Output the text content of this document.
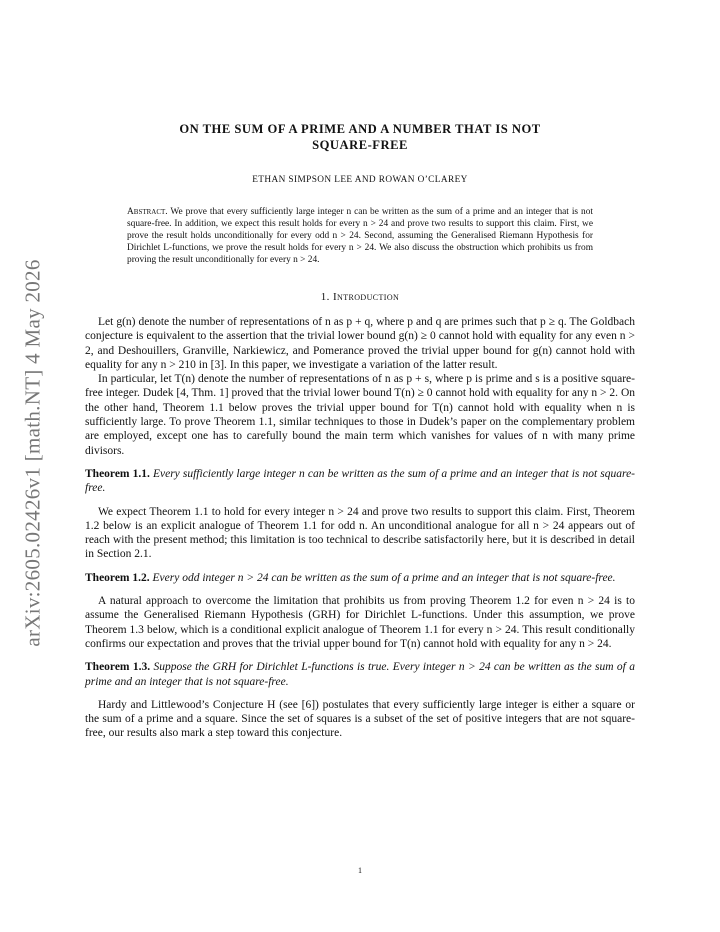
arXiv:2605.02426v1 [math.NT] 4 May 2026
ON THE SUM OF A PRIME AND A NUMBER THAT IS NOT
SQUARE-FREE
ETHAN SIMPSON LEE AND ROWAN O’CLAREY
Abstract. We prove that every sufficiently large integer n can be written as the sum of a prime and an integer that is not square-free. In addition, we expect this result holds for every n > 24 and prove two results to support this claim. First, we prove the result holds unconditionally for every odd n > 24. Second, assuming the Generalised Riemann Hypothesis for Dirichlet L-functions, we prove the result holds for every n > 24. We also discuss the obstruction which prohibits us from proving the result unconditionally for every n > 24.
1. Introduction

Let g(n) denote the number of representations of n as p + q, where p and q are primes such that p ≥ q. The Goldbach conjecture is equivalent to the assertion that the trivial lower bound g(n) ≥ 0 cannot hold with equality for any even n > 2, and Deshouillers, Granville, Narkiewicz, and Pomerance proved the trivial upper bound for g(n) cannot hold with equality for any n > 210 in [3]. In this paper, we investigate a variation of the latter result.

In particular, let T(n) denote the number of representations of n as p + s, where p is prime and s is a positive square-free integer. Dudek [4, Thm. 1] proved that the trivial lower bound T(n) ≥ 0 cannot hold with equality for any n > 2. On the other hand, Theorem 1.1 below proves the trivial upper bound for T(n) cannot hold with equality when n is sufficiently large. To prove Theorem 1.1, similar techniques to those in Dudek’s paper on the complementary problem are employed, except one has to carefully bound the main term which vanishes for values of n with many prime divisors.

Theorem 1.1. Every sufficiently large integer n can be written as the sum of a prime and an integer that is not square-free.

We expect Theorem 1.1 to hold for every integer n > 24 and prove two results to support this claim. First, Theorem 1.2 below is an explicit analogue of Theorem 1.1 for odd n. An unconditional analogue for all n > 24 appears out of reach with the present method; this limitation is too technical to describe satisfactorily here, but it is described in detail in Section 2.1.

Theorem 1.2. Every odd integer n > 24 can be written as the sum of a prime and an integer that is not square-free.

A natural approach to overcome the limitation that prohibits us from proving Theorem 1.2 for even n > 24 is to assume the Generalised Riemann Hypothesis (GRH) for Dirichlet L-functions. Under this assumption, we prove Theorem 1.3 below, which is a conditional explicit analogue of Theorem 1.1 for every n > 24. This result conditionally confirms our expectation and proves that the trivial upper bound for T(n) cannot hold with equality for any n > 24.

Theorem 1.3. Suppose the GRH for Dirichlet L-functions is true. Every integer n > 24 can be written as the sum of a prime and an integer that is not square-free.

Hardy and Littlewood’s Conjecture H (see [6]) postulates that every sufficiently large integer is either a square or the sum of a prime and a square. Since the set of squares is a subset of the set of positive integers that are not square-free, our results also mark a step toward this conjecture.

1
